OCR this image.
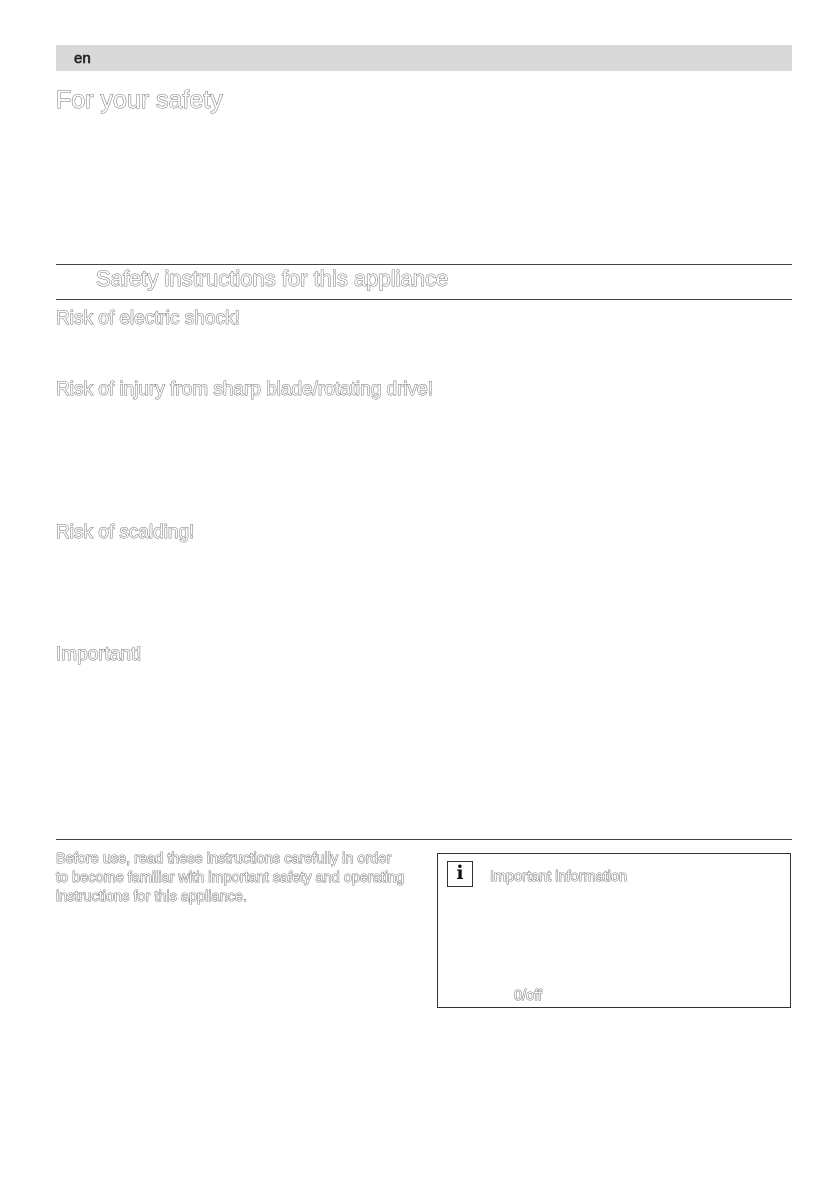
en
For your safety
Safety instructions for this appliance
Risk of electric shock!
Risk of injury from sharp blade/rotating drive!
Risk of scalding!
Important!

Before use, read these instructions carefully in order to become familiar with important safety and operating instructions for this appliance.

i	Important information
0/off
